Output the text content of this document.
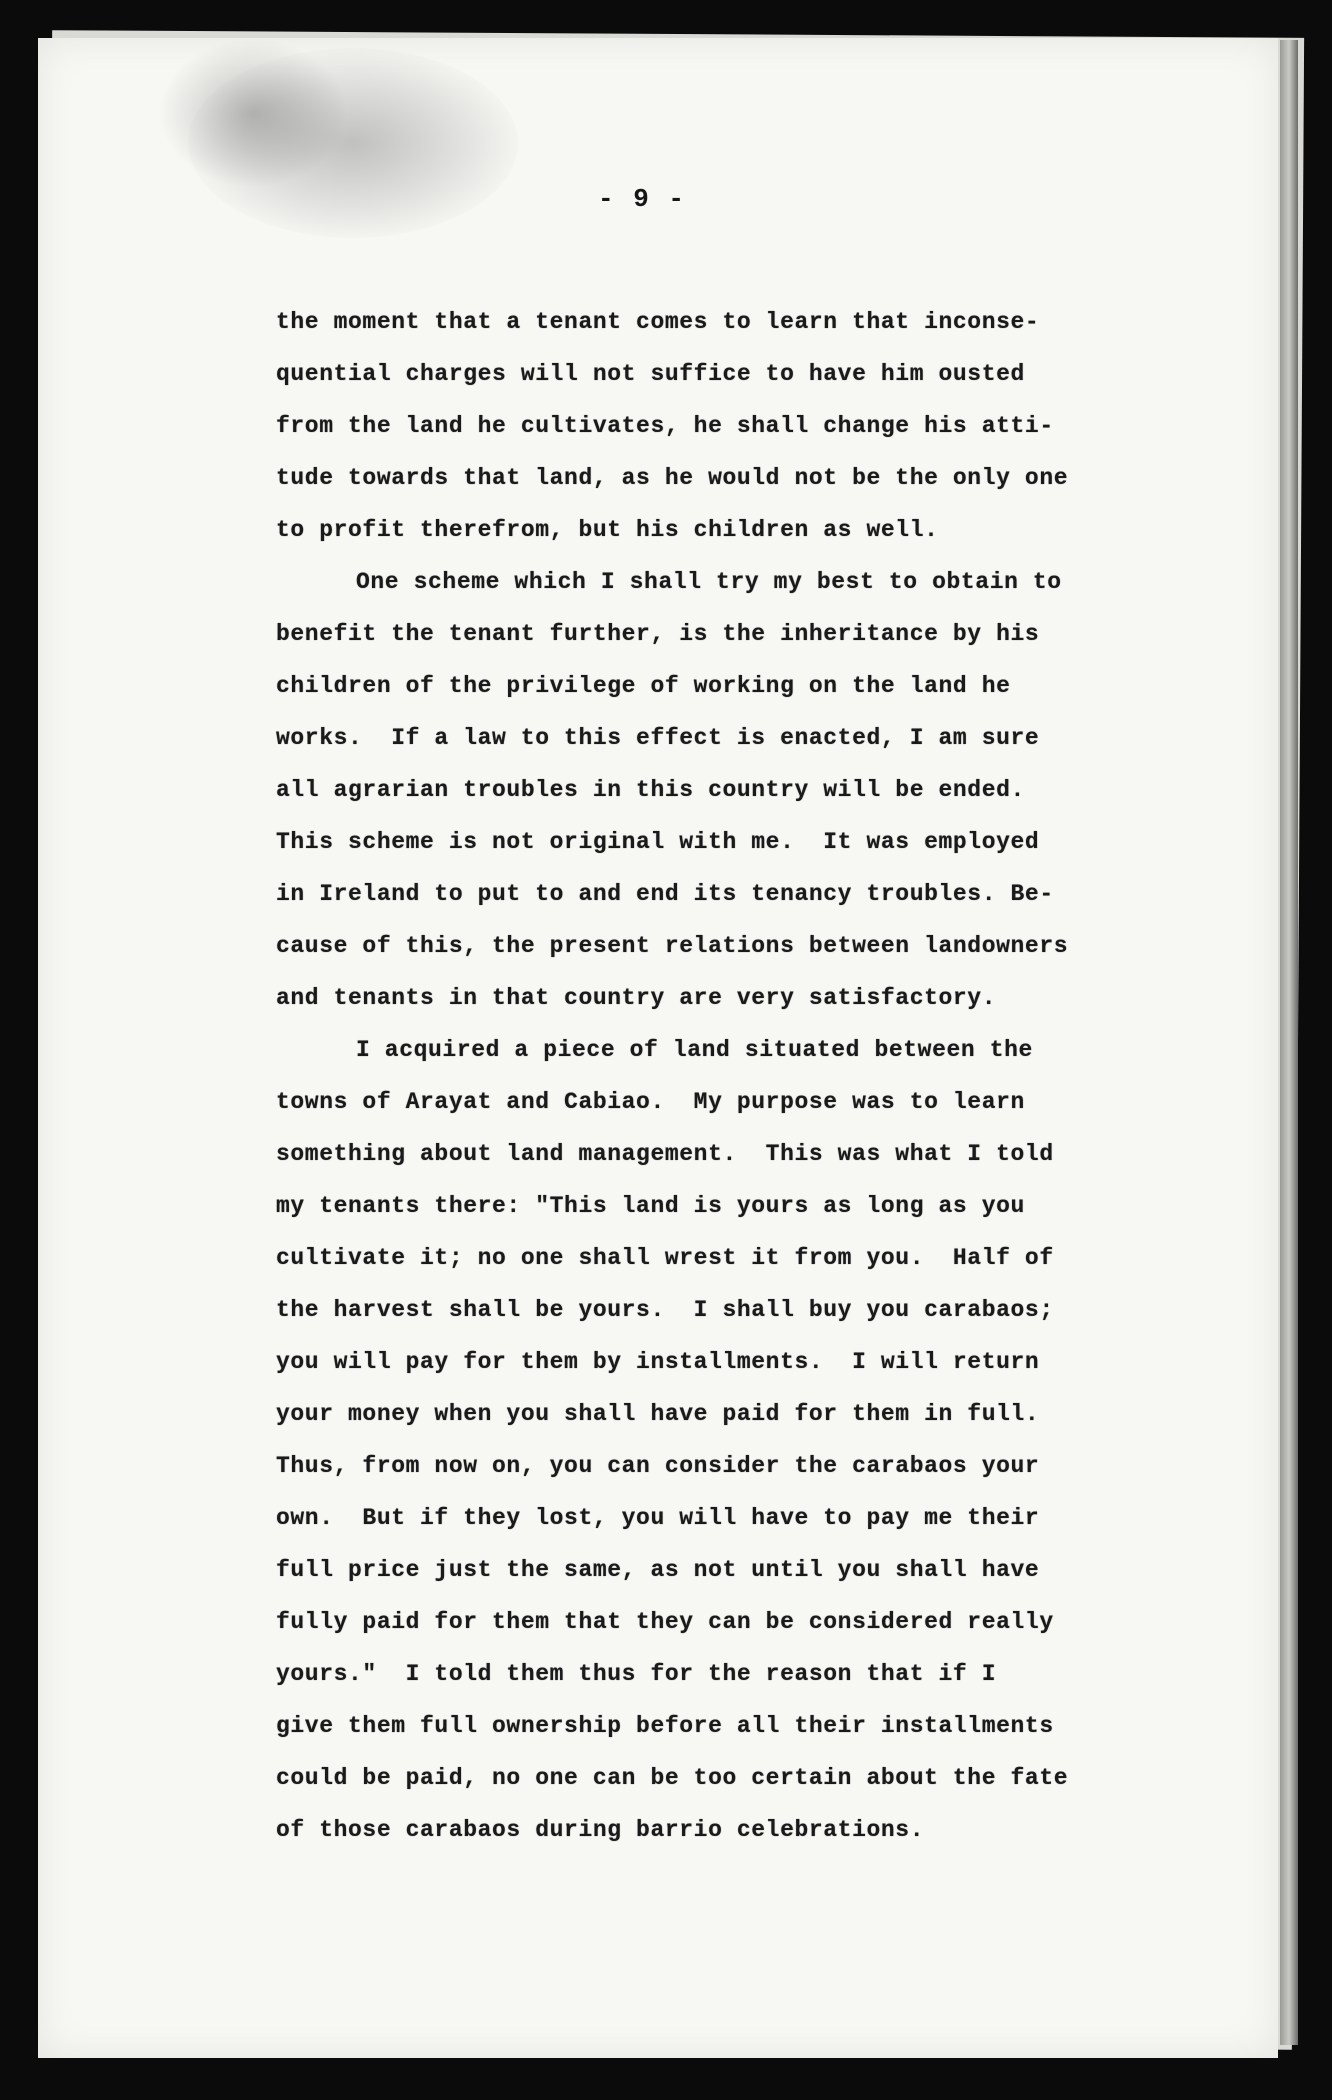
- 9 -
the moment that a tenant comes to learn that inconse-
quential charges will not suffice to have him ousted
from the land he cultivates, he shall change his atti-
tude towards that land, as he would not be the only one
to profit therefrom, but his children as well.
One scheme which I shall try my best to obtain to
benefit the tenant further, is the inheritance by his
children of the privilege of working on the land he
works.  If a law to this effect is enacted, I am sure
all agrarian troubles in this country will be ended.
This scheme is not original with me.  It was employed
in Ireland to put to and end its tenancy troubles. Be-
cause of this, the present relations between landowners
and tenants in that country are very satisfactory.
I acquired a piece of land situated between the
towns of Arayat and Cabiao.  My purpose was to learn
something about land management.  This was what I told
my tenants there: "This land is yours as long as you
cultivate it; no one shall wrest it from you.  Half of
the harvest shall be yours.  I shall buy you carabaos;
you will pay for them by installments.  I will return
your money when you shall have paid for them in full.
Thus, from now on, you can consider the carabaos your
own.  But if they lost, you will have to pay me their
full price just the same, as not until you shall have
fully paid for them that they can be considered really
yours."  I told them thus for the reason that if I
give them full ownership before all their installments
could be paid, no one can be too certain about the fate
of those carabaos during barrio celebrations.
